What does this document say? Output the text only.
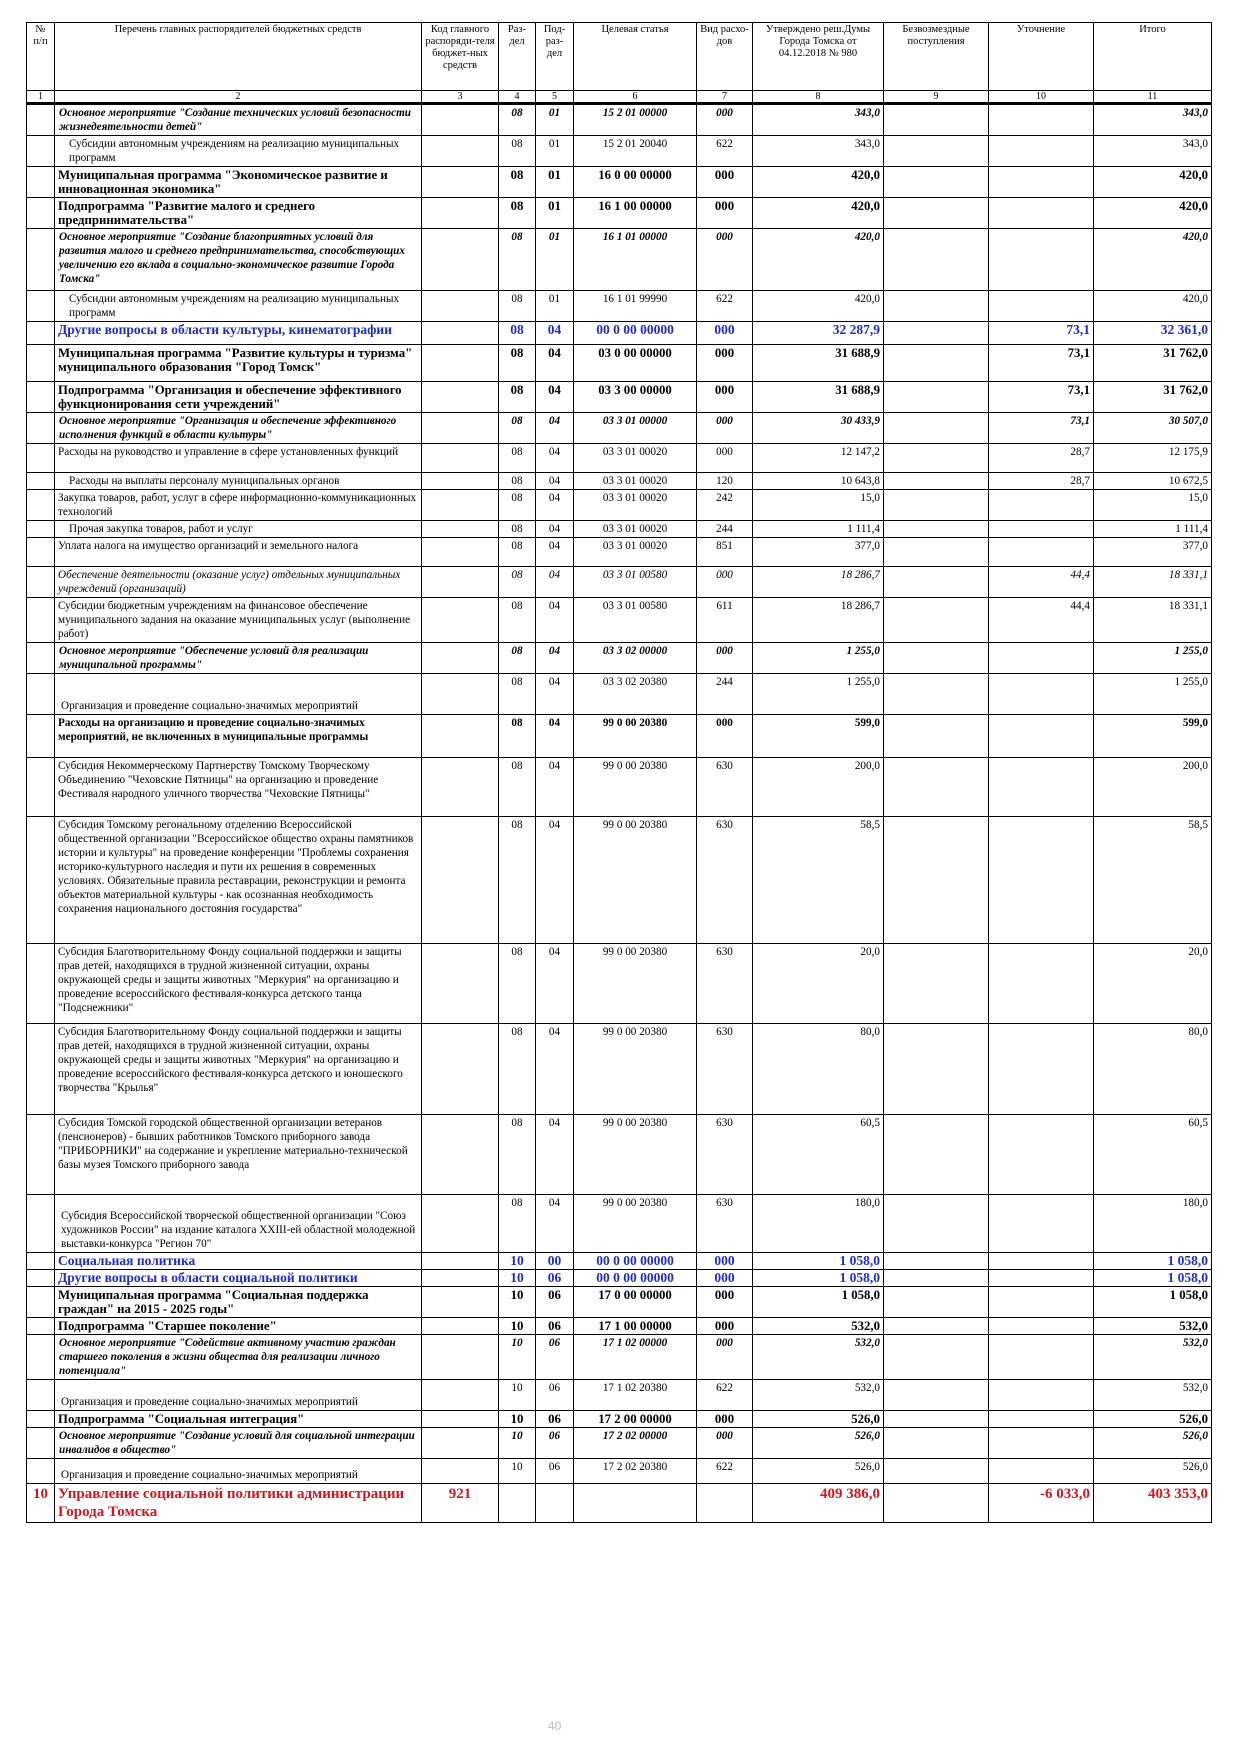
№ п/п	Перечень главных распорядителей бюджетных средств	Код главного распоряди-теля бюджет-ных средств	Раз-дел	Под-раз-дел	Целевая статья	Вид расхо-дов	Утверждено реш.Думы Города Томска от 04.12.2018 № 980	Безвозмездные поступления	Уточнение	Итого
1	2	3	4	5	6	7	8	9	10	11
	Основное мероприятие "Создание технических условий безопасности жизнедеятельности детей"		08	01	15 2 01 00000	000	343,0			343,0
	Субсидии автономным учреждениям на реализацию муниципальных программ		08	01	15 2 01 20040	622	343,0			343,0
	Муниципальная программа "Экономическое развитие и инновационная экономика"		08	01	16 0 00 00000	000	420,0			420,0
	Подпрограмма "Развитие малого и среднего предпринимательства"		08	01	16 1 00 00000	000	420,0			420,0
	Основное мероприятие "Создание благоприятных условий для развития малого и среднего предпринимательства, способствующих увеличению его вклада в социально-экономическое развитие Города Томска"		08	01	16 1 01 00000	000	420,0			420,0
	Субсидии автономным учреждениям на реализацию муниципальных программ		08	01	16 1 01 99990	622	420,0			420,0
	Другие вопросы в области культуры, кинематографии		08	04	00 0 00 00000	000	32 287,9		73,1	32 361,0
	Муниципальная программа "Развитие культуры и туризма" муниципального образования "Город Томск"		08	04	03 0 00 00000	000	31 688,9		73,1	31 762,0
	Подпрограмма "Организация и обеспечение эффективного функционирования сети учреждений"		08	04	03 3 00 00000	000	31 688,9		73,1	31 762,0
	Основное мероприятие "Организация и обеспечение эффективного исполнения функций в области культуры"		08	04	03 3 01 00000	000	30 433,9		73,1	30 507,0
	Расходы на руководство и управление в сфере установленных функций		08	04	03 3 01 00020	000	12 147,2		28,7	12 175,9
	Расходы на выплаты персоналу муниципальных органов		08	04	03 3 01 00020	120	10 643,8		28,7	10 672,5
	Закупка товаров, работ, услуг в сфере информационно-коммуникационных технологий		08	04	03 3 01 00020	242	15,0			15,0
	Прочая закупка товаров, работ и услуг		08	04	03 3 01 00020	244	1 111,4			1 111,4
	Уплата налога на имущество организаций и земельного налога		08	04	03 3 01 00020	851	377,0			377,0
	Обеспечение деятельности (оказание услуг) отдельных муниципальных учреждений (организаций)		08	04	03 3 01 00580	000	18 286,7		44,4	18 331,1
	Субсидии бюджетным учреждениям на финансовое обеспечение муниципального задания на оказание муниципальных услуг (выполнение работ)		08	04	03 3 01 00580	611	18 286,7		44,4	18 331,1
	Основное мероприятие "Обеспечение условий для реализации муниципальной программы"		08	04	03 3 02 00000	000	1 255,0			1 255,0
	Организация и проведение социально-значимых мероприятий		08	04	03 3 02 20380	244	1 255,0			1 255,0
	Расходы на организацию и проведение социально-значимых мероприятий, не включенных в муниципальные программы		08	04	99 0 00 20380	000	599,0			599,0
	Субсидия Некоммерческому Партнерству Томскому Творческому Объединению "Чеховские Пятницы" на организацию и проведение Фестиваля народного уличного творчества "Чеховские Пятницы"		08	04	99 0 00 20380	630	200,0			200,0
	Субсидия Томскому регональному отделению Всероссийской общественной организации "Всероссийское общество охраны памятников истории и культуры" на проведение конференции "Проблемы сохранения историко-культурного наследия и пути их решения в современных условиях. Обязательные правила реставрации, реконструкции и ремонта объектов материальной культуры - как осознанная необходимость сохранения национального достояния государства"		08	04	99 0 00 20380	630	58,5			58,5
	Субсидия Благотворительному Фонду социальной поддержки и защиты прав детей, находящихся в трудной жизненной ситуации, охраны окружающей среды и защиты животных "Меркурия" на организацию и проведение всероссийского фестиваля-конкурса детского танца "Подснежники"		08	04	99 0 00 20380	630	20,0			20,0
	Субсидия Благотворительному Фонду социальной поддержки и защиты прав детей, находящихся в трудной жизненной ситуации, охраны окружающей среды и защиты животных "Меркурия" на организацию и проведение всероссийского фестиваля-конкурса детского и юношеского творчества "Крылья"		08	04	99 0 00 20380	630	80,0			80,0
	Субсидия Томской городской общественной организации ветеранов (пенсионеров) - бывших работников Томского приборного завода "ПРИБОРНИКИ" на содержание и укрепление материально-технической базы музея Томского приборного завода		08	04	99 0 00 20380	630	60,5			60,5
	Субсидия Всероссийской творческой общественной организации "Союз художников России" на издание каталога XXIII-ей областной молодежной выставки-конкурса "Регион 70"		08	04	99 0 00 20380	630	180,0			180,0
	Социальная политика		10	00	00 0 00 00000	000	1 058,0			1 058,0
	Другие вопросы в области социальной политики		10	06	00 0 00 00000	000	1 058,0			1 058,0
	Муниципальная программа "Социальная поддержка граждан" на 2015 - 2025 годы"		10	06	17 0 00 00000	000	1 058,0			1 058,0
	Подпрограмма "Старшее поколение"		10	06	17 1 00 00000	000	532,0			532,0
	Основное мероприятие "Содействие активному участию граждан старшего поколения в жизни общества для реализации личного потенциала"		10	06	17 1 02 00000	000	532,0			532,0
	Организация и проведение социально-значимых мероприятий		10	06	17 1 02 20380	622	532,0			532,0
	Подпрограмма "Социальная интеграция"		10	06	17 2 00 00000	000	526,0			526,0
	Основное мероприятие "Создание условий для социальной интеграции инвалидов в общество"		10	06	17 2 02 00000	000	526,0			526,0
	Организация и проведение социально-значимых мероприятий		10	06	17 2 02 20380	622	526,0			526,0
10	Управление социальной политики администрации Города Томска	921					409 386,0		-6 033,0	403 353,0
40
